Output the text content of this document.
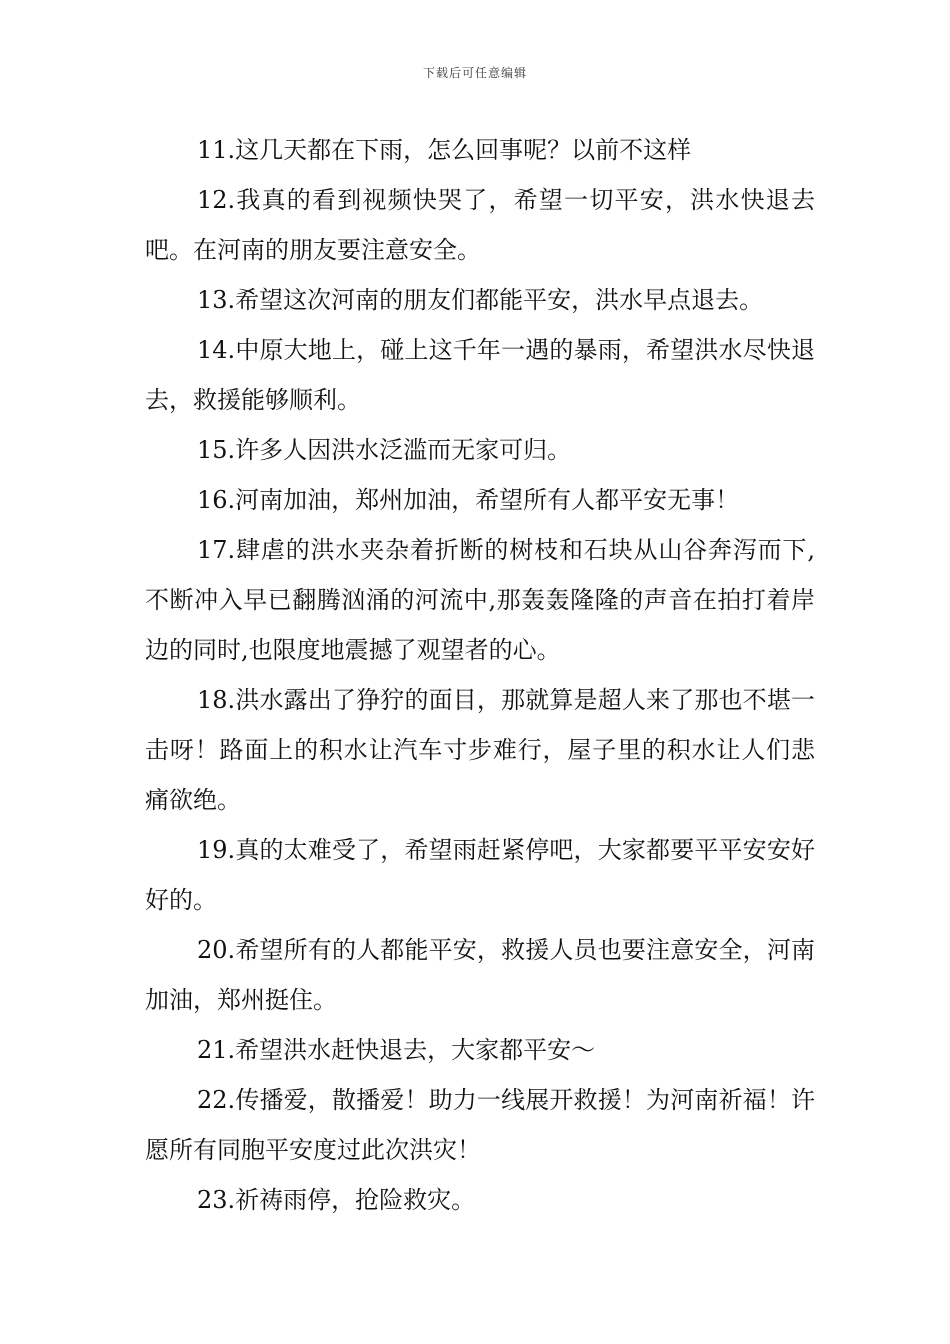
下载后可任意编辑

11.这几天都在下雨，怎么回事呢？以前不这样

12.我真的看到视频快哭了，希望一切平安，洪水快退去吧。在河南的朋友要注意安全。

13.希望这次河南的朋友们都能平安，洪水早点退去。

14.中原大地上，碰上这千年一遇的暴雨，希望洪水尽快退去，救援能够顺利。

15.许多人因洪水泛滥而无家可归。

16.河南加油，郑州加油，希望所有人都平安无事！

17.肆虐的洪水夹杂着折断的树枝和石块从山谷奔泻而下,不断冲入早已翻腾汹涌的河流中,那轰轰隆隆的声音在拍打着岸边的同时,也限度地震撼了观望者的心。

18.洪水露出了狰狞的面目，那就算是超人来了那也不堪一击呀！路面上的积水让汽车寸步难行，屋子里的积水让人们悲痛欲绝。

19.真的太难受了，希望雨赶紧停吧，大家都要平平安安好好的。

20.希望所有的人都能平安，救援人员也要注意安全，河南加油，郑州挺住。

21.希望洪水赶快退去，大家都平安～

22.传播爱，散播爱！助力一线展开救援！为河南祈福！许愿所有同胞平安度过此次洪灾！

23.祈祷雨停，抢险救灾。
